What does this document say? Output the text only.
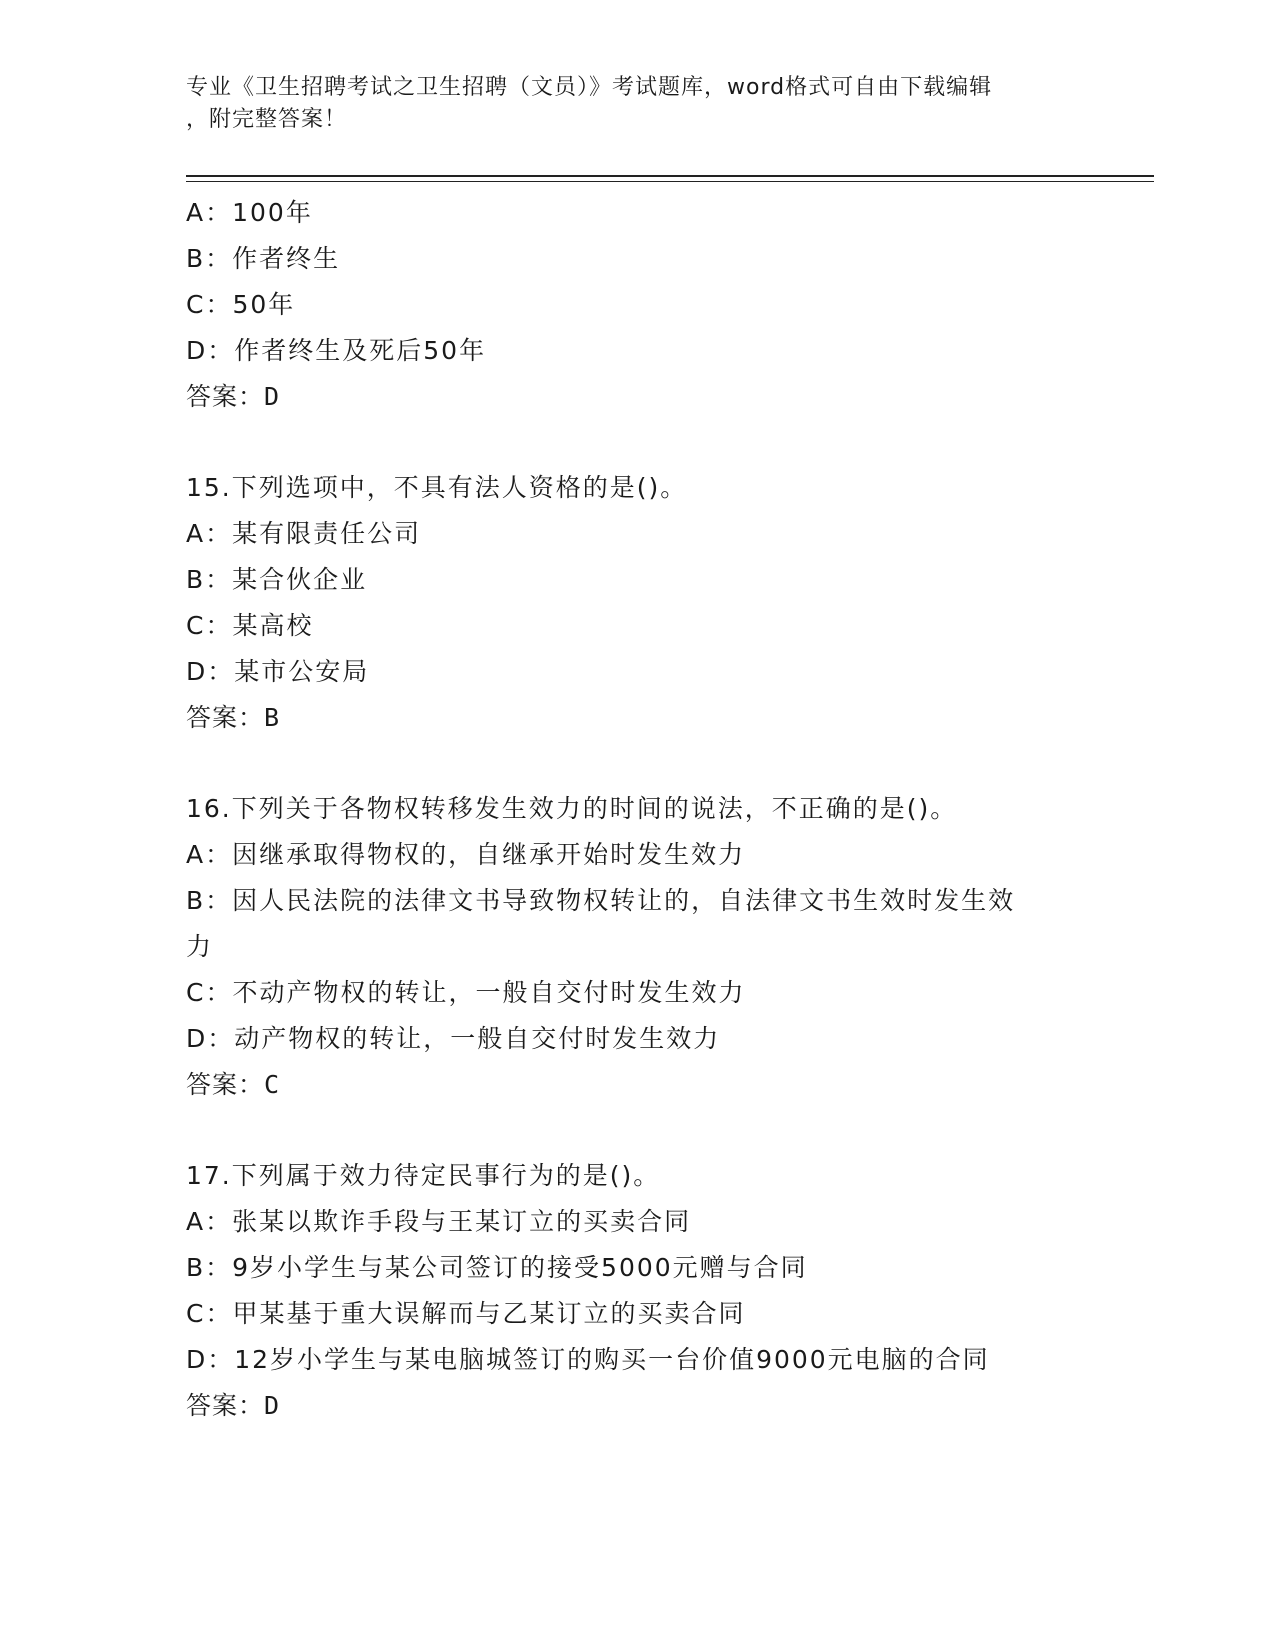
专业《卫生招聘考试之卫生招聘（文员）》考试题库，word格式可自由下载编辑
，附完整答案！
A：100年
B：作者终生
C：50年
D：作者终生及死后50年
答案：D
15.下列选项中，不具有法人资格的是()。
A：某有限责任公司
B：某合伙企业
C：某高校
D：某市公安局
答案：B
16.下列关于各物权转移发生效力的时间的说法，不正确的是()。
A：因继承取得物权的，自继承开始时发生效力
B：因人民法院的法律文书导致物权转让的，自法律文书生效时发生效
力
C：不动产物权的转让，一般自交付时发生效力
D：动产物权的转让，一般自交付时发生效力
答案：C
17.下列属于效力待定民事行为的是()。
A：张某以欺诈手段与王某订立的买卖合同
B：9岁小学生与某公司签订的接受5000元赠与合同
C：甲某基于重大误解而与乙某订立的买卖合同
D：12岁小学生与某电脑城签订的购买一台价值9000元电脑的合同
答案：D
